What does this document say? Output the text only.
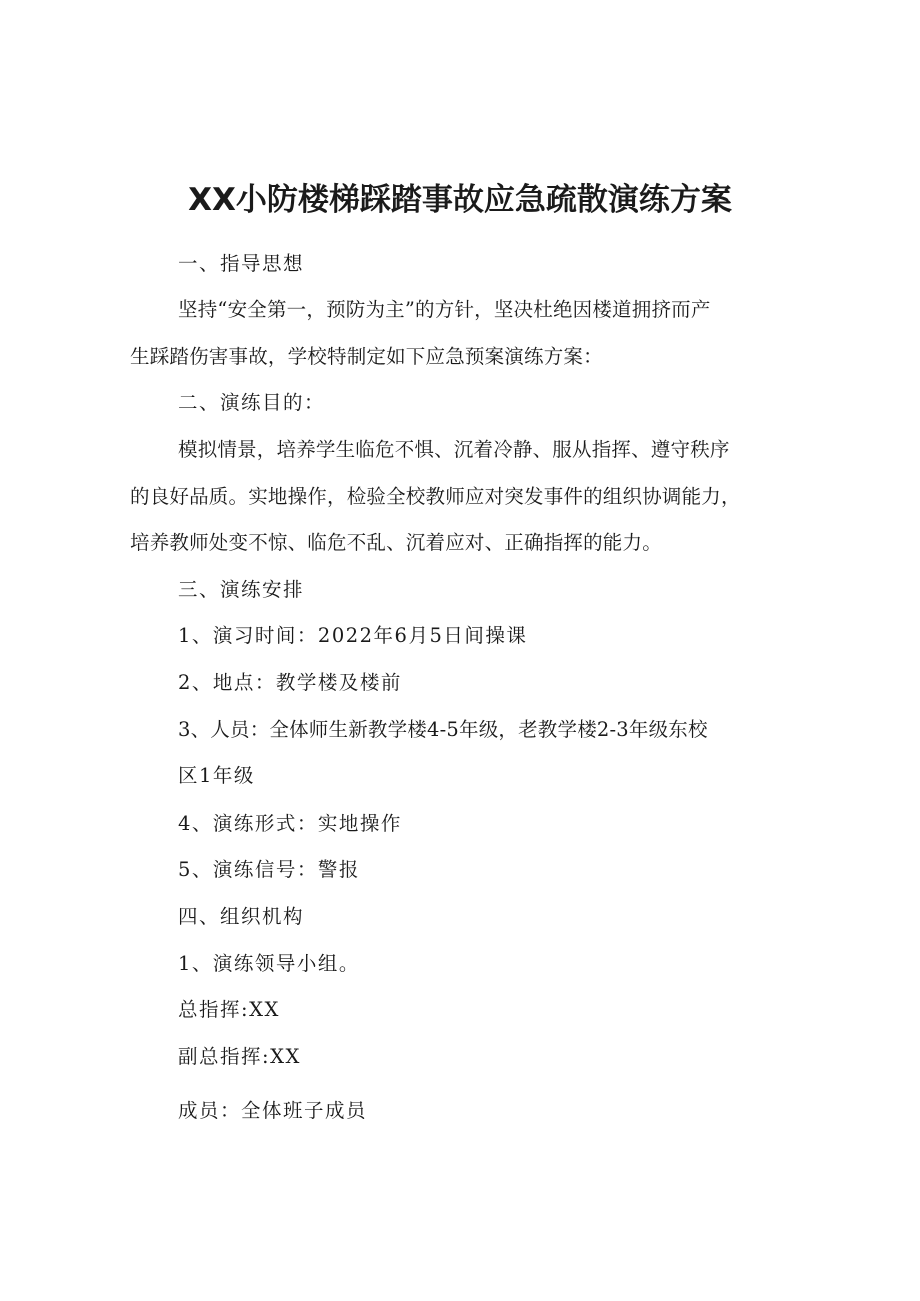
XX小防楼梯踩踏事故应急疏散演练方案

一、指导思想

坚持“安全第一，预防为主”的方针，坚决杜绝因楼道拥挤而产

生踩踏伤害事故，学校特制定如下应急预案演练方案：

二、演练目的：

模拟情景，培养学生临危不惧、沉着冷静、服从指挥、遵守秩序

的良好品质。实地操作，检验全校教师应对突发事件的组织协调能力，

培养教师处变不惊、临危不乱、沉着应对、正确指挥的能力。

三、演练安排

1、演习时间：2022年6月5日间操课

2、地点：教学楼及楼前

3、人员：全体师生新教学楼4-5年级，老教学楼2-3年级东校

区1年级

4、演练形式：实地操作

5、演练信号：警报

四、组织机构

1、演练领导小组。

总指挥:XX

副总指挥:XX

成员：全体班子成员
